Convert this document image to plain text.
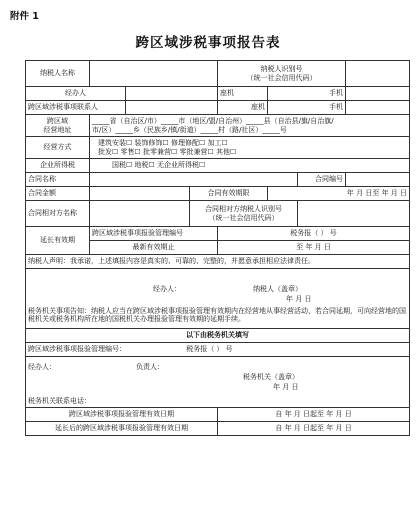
附件 1
跨区域涉税事项报告表
纳税人名称				纳税人识别号
（统一社会信用代码）			

经办人				座机	手机		
跨区域涉税事项联系人				座机	手机		

跨区域
经营地址	_____省（自治区/市）_____市（地区/盟/自治州）_____县（自治县/旗/自治旗/
市/区）_____乡（民族乡/镇/街道）_____村（路/社区）_____号						

经营方式	建筑安装☐ 装饰修饰☐ 修理修配☐ 加工☐
批发☐ 零售☐ 批零兼营☐ 零批兼营☐ 其他☐						

企业所得税	国税☐ 地税☐ 无企业所得税☐						
合同名称						合同编号	
合同金额			合同有效期限		年 月 日至 年 月 日		
合同相对方名称			合同相对方纳税人识别号
（统一社会信用代码）				

延长有效期	跨区域涉税事项报验管理编号			税务报（ ） 号			
	最新有效期止			至 年 月 日			
纳税人声明：我承诺，上述填报内容是真实的、可靠的、完整的，并愿意承担相应法律责任。							

经办人： 纳税人（盖章）
年 月 日
税务机关事项告知：纳税人应当在跨区域涉税事项报验管理有效期内在经营地从事经营活动，若合同延期，可向经营地的国税机关或税务机构所在地的国税机关办理报验管理有效期的延期手续。							

以下由税务机关填写							
跨区域涉税事项报验管理编号： 税务报（ ） 号							

经办人： 负责人：
税务机关（盖章）
年 月 日
税务机关联系电话：							

跨区域涉税事项报验管理有效日期				自 年 月 日起至 年 月 日			
延长后的跨区域涉税事项报验管理有效日期				自 年 月 日起至 年 月 日			
